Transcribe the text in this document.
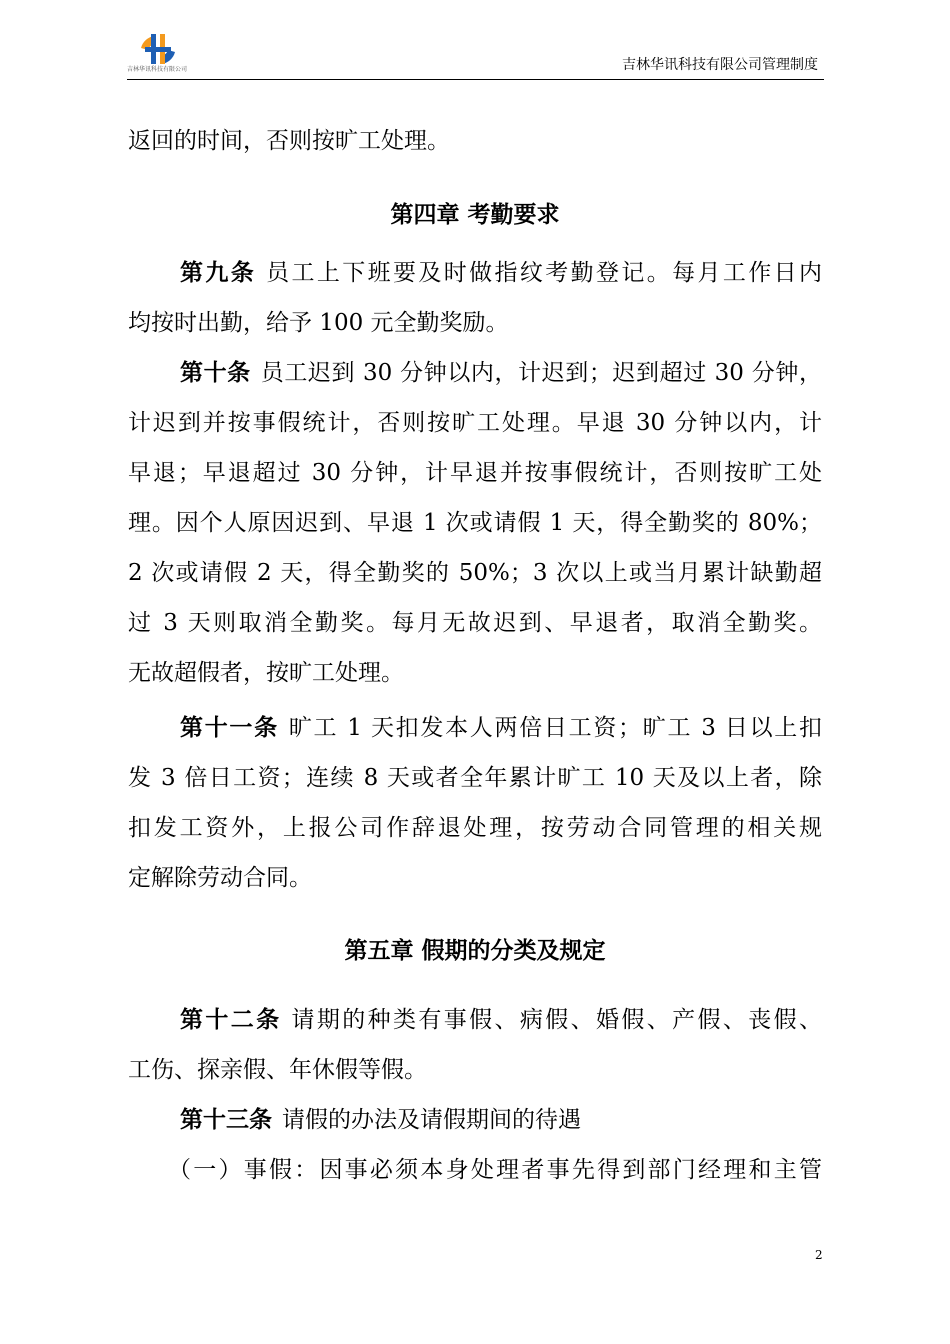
吉林华讯科技有限公司	吉林华讯科技有限公司管理制度
返回的时间，否则按旷工处理。
第四章 考勤要求
第九条 员工上下班要及时做指纹考勤登记。每月工作日内
均按时出勤，给予 100 元全勤奖励。
第十条 员工迟到 30 分钟以内，计迟到；迟到超过 30 分钟，
计迟到并按事假统计，否则按旷工处理。早退 30 分钟以内，计
早退；早退超过 30 分钟，计早退并按事假统计，否则按旷工处
理。因个人原因迟到、早退 1 次或请假 1 天，得全勤奖的 80%；
2 次或请假 2 天，得全勤奖的 50%；3 次以上或当月累计缺勤超
过 3 天则取消全勤奖。每月无故迟到、早退者，取消全勤奖。
无故超假者，按旷工处理。
第十一条 旷工 1 天扣发本人两倍日工资；旷工 3 日以上扣
发 3 倍日工资；连续 8 天或者全年累计旷工 10 天及以上者，除
扣发工资外，上报公司作辞退处理，按劳动合同管理的相关规
定解除劳动合同。
第五章 假期的分类及规定
第十二条 请期的种类有事假、病假、婚假、产假、丧假、
工伤、探亲假、年休假等假。
第十三条 请假的办法及请假期间的待遇
（一）事假：因事必须本身处理者事先得到部门经理和主管
2
